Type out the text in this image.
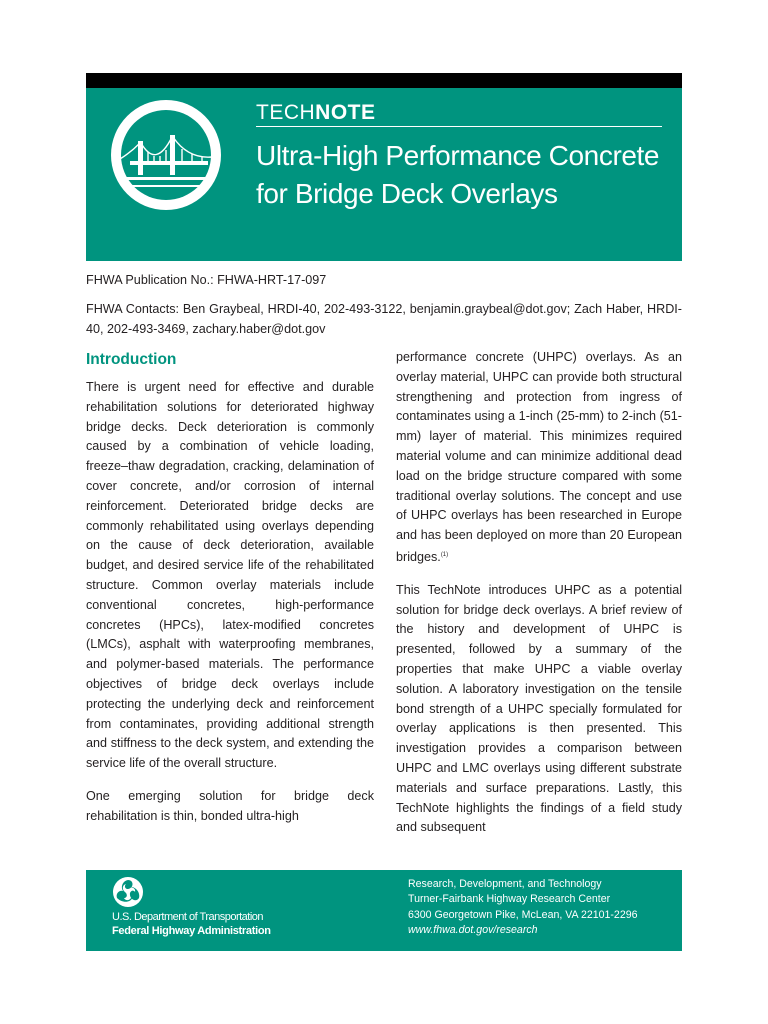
TECHNOTE
Ultra-High Performance Concrete for Bridge Deck Overlays
FHWA Publication No.: FHWA-HRT-17-097
FHWA Contacts: Ben Graybeal, HRDI-40, 202-493-3122, benjamin.graybeal@dot.gov; Zach Haber, HRDI-40, 202-493-3469, zachary.haber@dot.gov
Introduction

There is urgent need for effective and durable rehabilitation solutions for deteriorated highway bridge decks. Deck deterioration is commonly caused by a combination of vehicle loading, freeze–thaw degradation, cracking, delamination of cover concrete, and/or corrosion of internal reinforcement. Deteriorated bridge decks are commonly rehabilitated using overlays depending on the cause of deck deterioration, available budget, and desired service life of the rehabilitated structure. Common overlay materials include conventional concretes, high-performance concretes (HPCs), latex-modified concretes (LMCs), asphalt with waterproofing membranes, and polymer-based materials. The performance objectives of bridge deck overlays include protecting the underlying deck and reinforcement from contaminates, providing additional strength and stiffness to the deck system, and extending the service life of the overall structure.

One emerging solution for bridge deck rehabilitation is thin, bonded ultra-high

performance concrete (UHPC) overlays. As an overlay material, UHPC can provide both structural strengthening and protection from ingress of contaminates using a 1-inch (25-mm) to 2-inch (51-mm) layer of material. This minimizes required material volume and can minimize additional dead load on the bridge structure compared with some traditional overlay solutions. The concept and use of UHPC overlays has been researched in Europe and has been deployed on more than 20 European bridges.$^{(1)}$

This TechNote introduces UHPC as a potential solution for bridge deck overlays. A brief review of the history and development of UHPC is presented, followed by a summary of the properties that make UHPC a viable overlay solution. A laboratory investigation on the tensile bond strength of a UHPC specially formulated for overlay applications is then presented. This investigation provides a comparison between UHPC and LMC overlays using different substrate materials and surface preparations. Lastly, this TechNote highlights the findings of a field study and subsequent

U.S. Department of Transportation
Federal Highway Administration
Research, Development, and Technology
Turner-Fairbank Highway Research Center
6300 Georgetown Pike, McLean, VA 22101-2296
www.fhwa.dot.gov/research
